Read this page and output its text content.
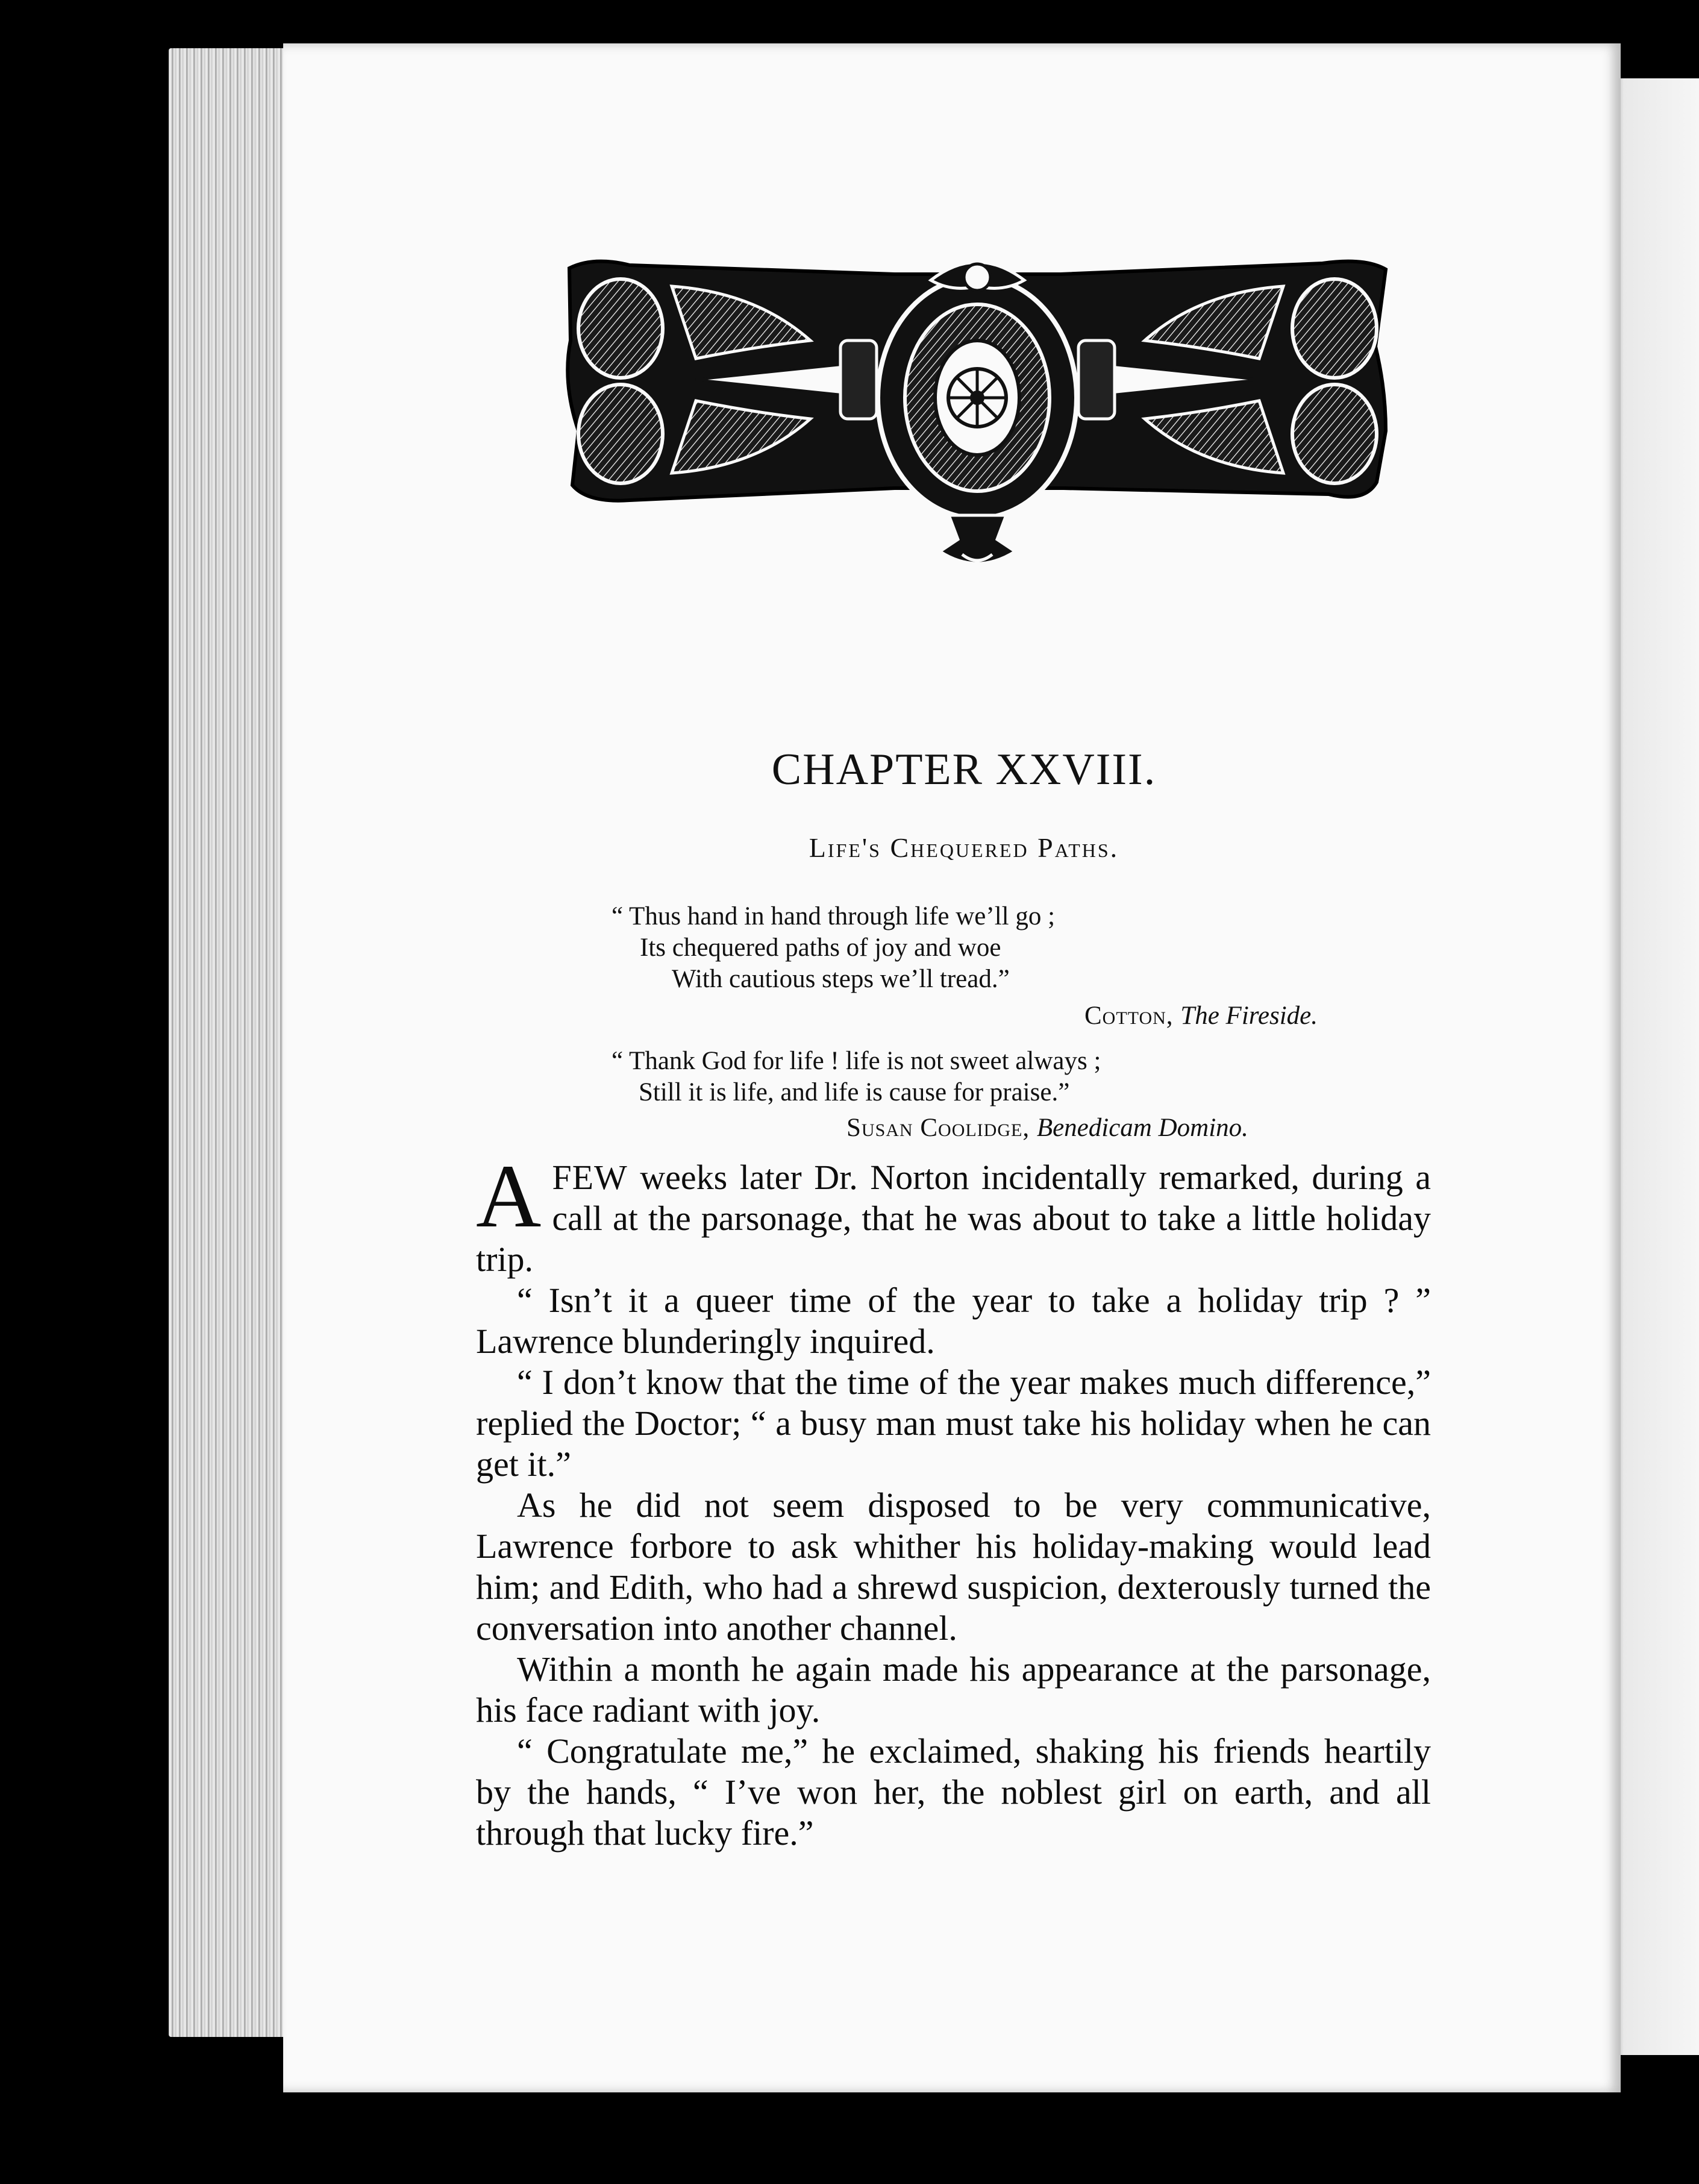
CHAPTER XXVIII.
Life's Chequered Paths.
“ Thus hand in hand through life we’ll go ;
Its chequered paths of joy and woe
With cautious steps we’ll tread.”
Cotton, The Fireside.
“ Thank God for life ! life is not sweet always ;
Still it is life, and life is cause for praise.”
Susan Coolidge, Benedicam Domino.

AFEW weeks later Dr. Norton incidentally remarked, during a call at the parsonage, that he was about to take a little holiday trip.

“ Isn’t it a queer time of the year to take a holiday trip ? ” Lawrence blunderingly inquired.

“ I don’t know that the time of the year makes much difference,” replied the Doctor; “ a busy man must take his holiday when he can get it.”

As he did not seem disposed to be very communicative, Lawrence forbore to ask whither his holiday-making would lead him; and Edith, who had a shrewd suspicion, dexterously turned the conversation into another channel.

Within a month he again made his appearance at the parsonage, his face radiant with joy.

“ Congratulate me,” he exclaimed, shaking his friends heartily by the hands, “ I’ve won her, the noblest girl on earth, and all through that lucky fire.”
